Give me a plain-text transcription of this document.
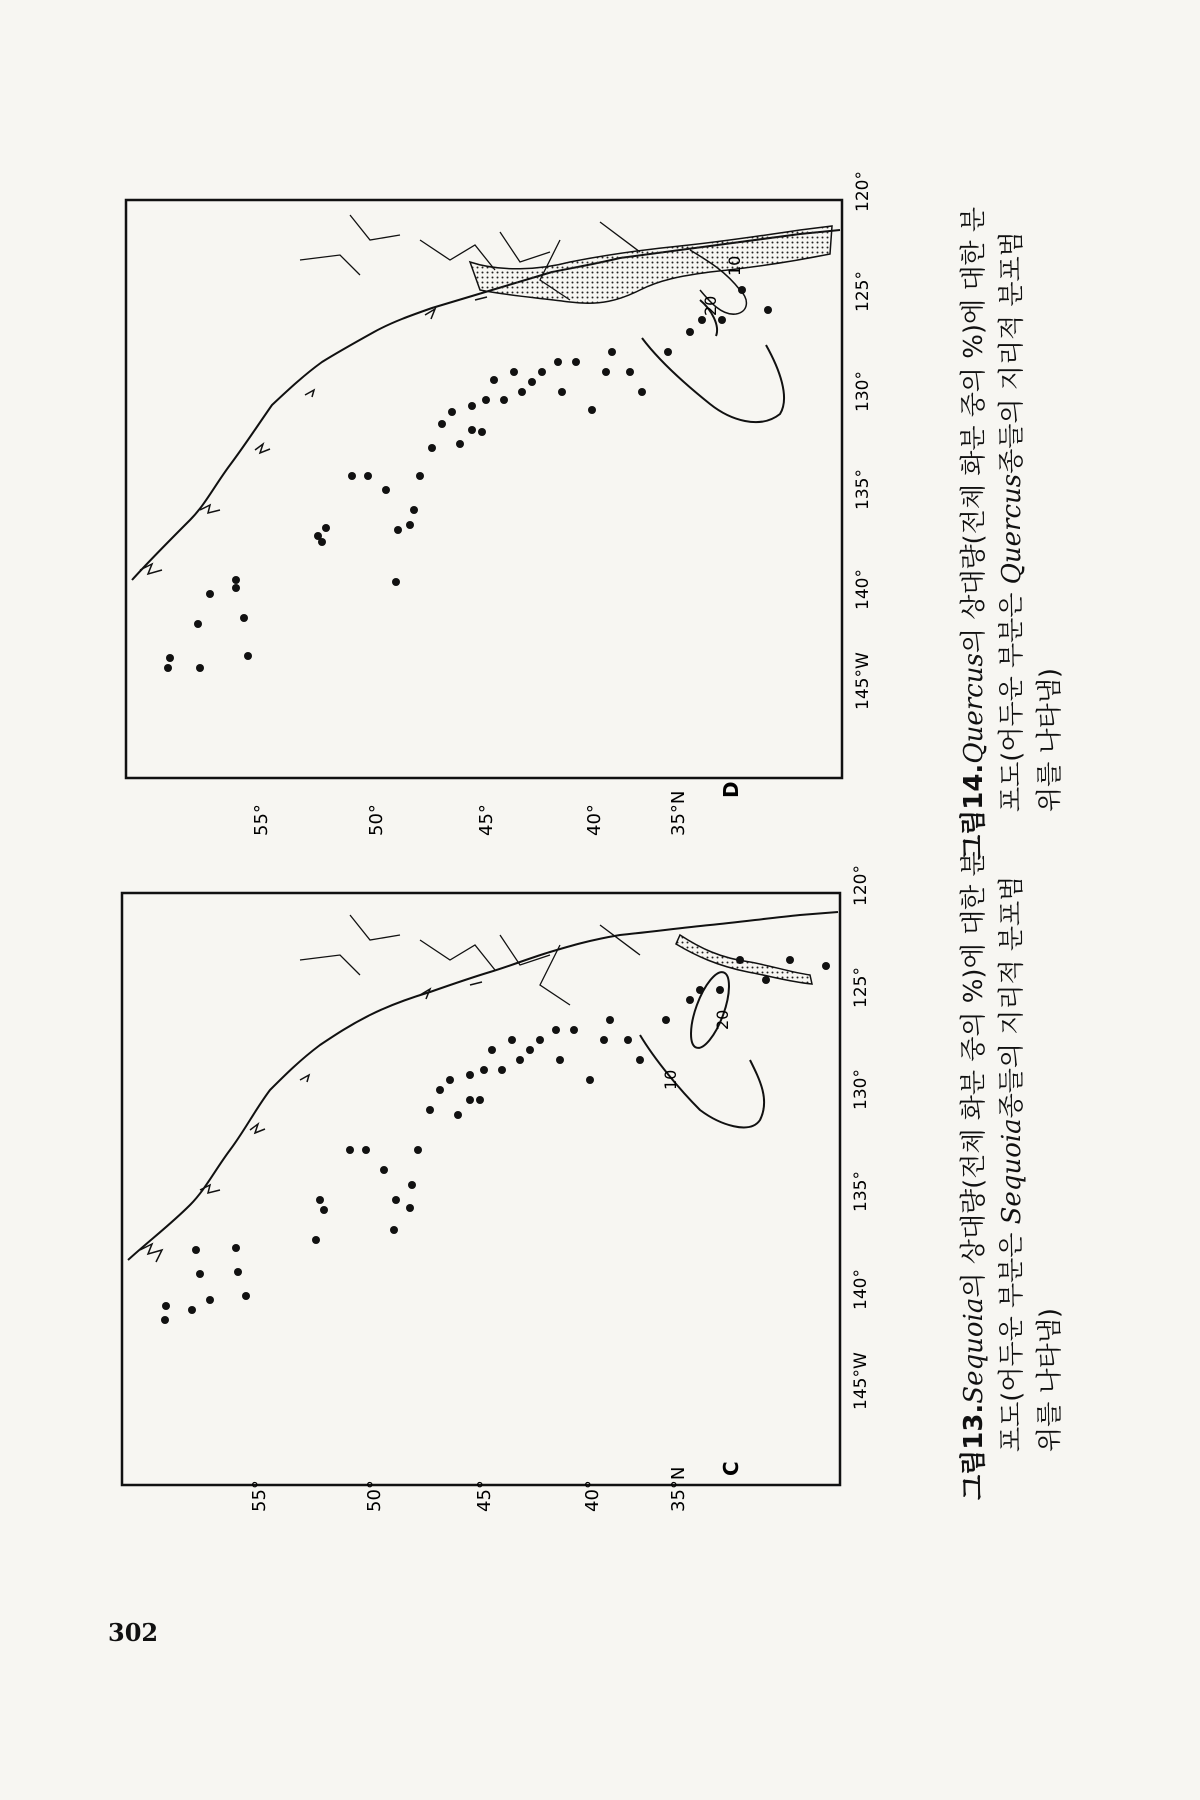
302
C
35°N
40°
45°
50°
55°
145°W
140°
135°
130°
125°
120°
10
20
D
35°N
40°
45°
50°
55°
145°W
140°
135°
130°
125°
120°
10
20
그림13.Sequoia의 상대량(전체 화분 중의 %)에 대한 분
포도(어두운 부분은 Sequoia종들의 지리적 분포범
위를 나타냄)
그림14.Quercus의 상대량(전체 화분 중의 %)에 대한 분
포도(어두운 부분은 Quercus종들의 지리적 분포범
위를 나타냄)
